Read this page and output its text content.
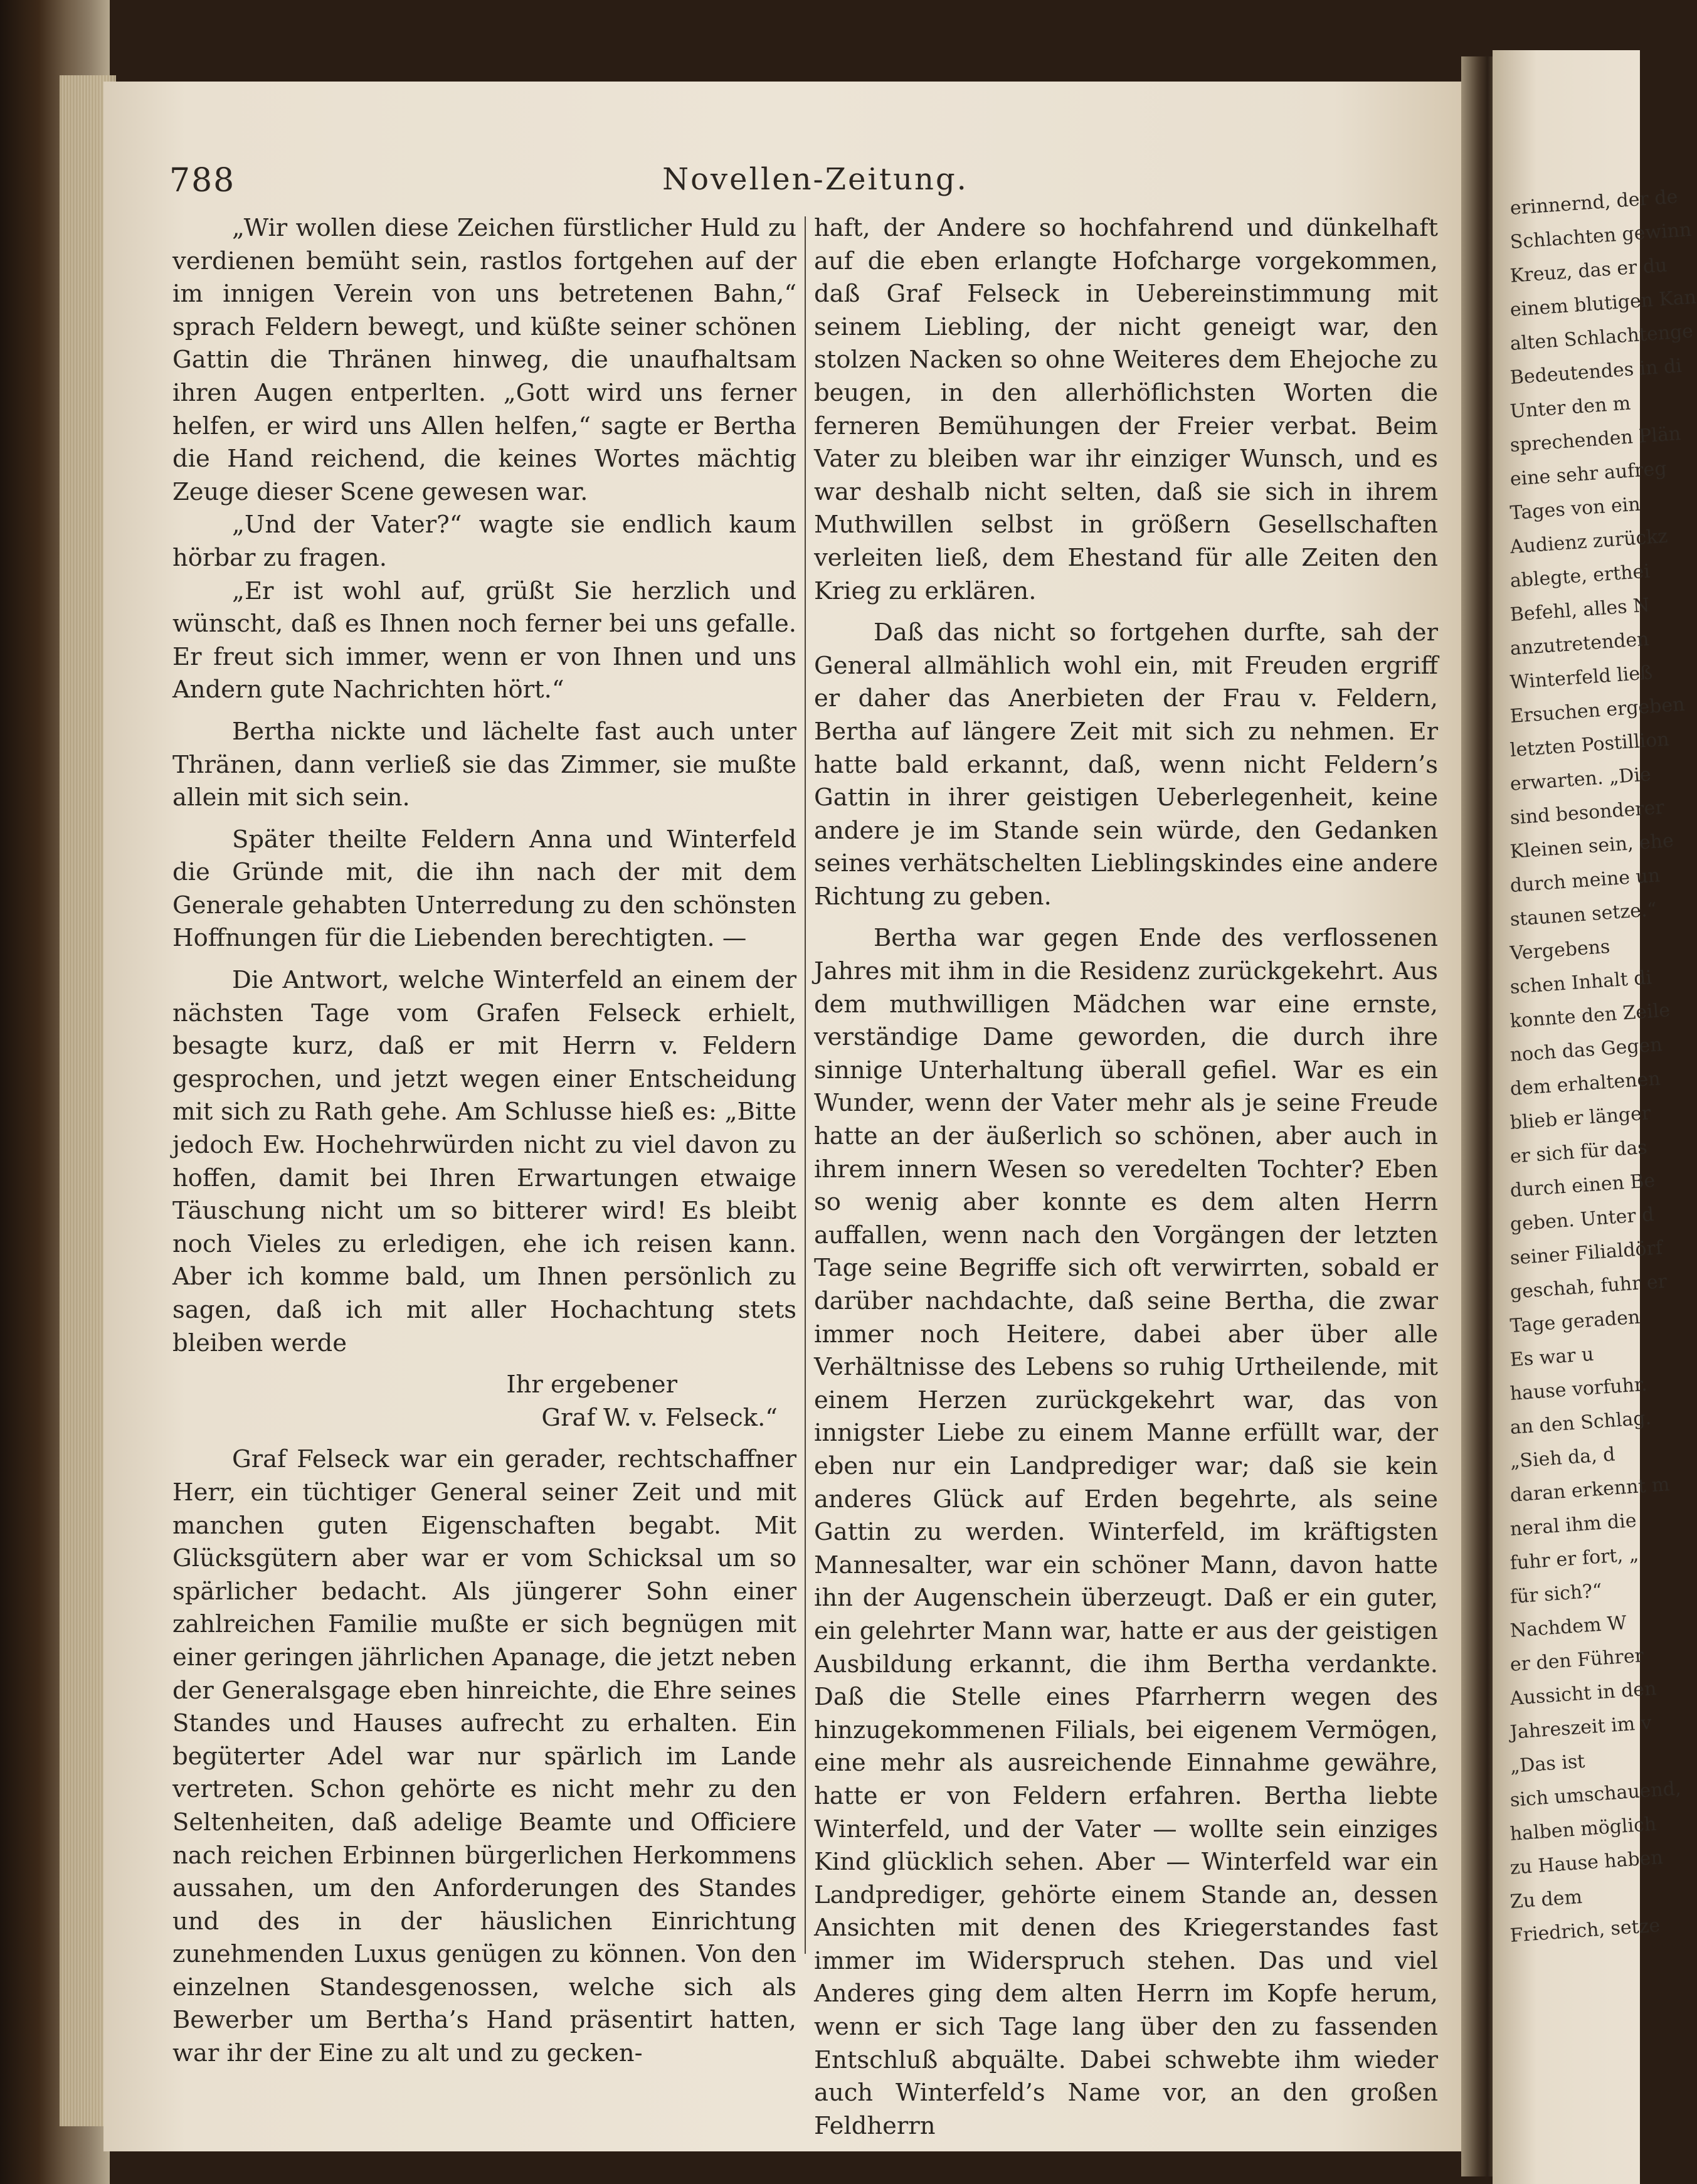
788	Novellen-Zeitung.

„Wir wollen diese Zeichen fürstlicher Huld zu verdienen bemüht sein, rastlos fortgehen auf der im innigen Verein von uns betretenen Bahn,“ sprach Feldern bewegt, und küßte seiner schönen Gattin die Thränen hinweg, die unaufhaltsam ihren Augen entperlten. „Gott wird uns ferner helfen, er wird uns Allen helfen,“ sagte er Bertha die Hand reichend, die keines Wortes mächtig Zeuge dieser Scene gewesen war.

„Und der Vater?“ wagte sie endlich kaum hörbar zu fragen.

„Er ist wohl auf, grüßt Sie herzlich und wünscht, daß es Ihnen noch ferner bei uns gefalle. Er freut sich immer, wenn er von Ihnen und uns Andern gute Nachrichten hört.“

Bertha nickte und lächelte fast auch unter Thränen, dann verließ sie das Zimmer, sie mußte allein mit sich sein.

Später theilte Feldern Anna und Winterfeld die Gründe mit, die ihn nach der mit dem Generale gehabten Unterredung zu den schönsten Hoffnungen für die Liebenden berechtigten. —

Die Antwort, welche Winterfeld an einem der nächsten Tage vom Grafen Felseck erhielt, besagte kurz, daß er mit Herrn v. Feldern gesprochen, und jetzt wegen einer Entscheidung mit sich zu Rath gehe. Am Schlusse hieß es: „Bitte jedoch Ew. Hochehrwürden nicht zu viel davon zu hoffen, damit bei Ihren Erwartungen etwaige Täuschung nicht um so bitterer wird! Es bleibt noch Vieles zu erledigen, ehe ich reisen kann. Aber ich komme bald, um Ihnen persönlich zu sagen, daß ich mit aller Hochachtung stets bleiben werde

Ihr ergebener

Graf W. v. Felseck.“

Graf Felseck war ein gerader, rechtschaffner Herr, ein tüchtiger General seiner Zeit und mit manchen guten Eigenschaften begabt. Mit Glücksgütern aber war er vom Schicksal um so spärlicher bedacht. Als jüngerer Sohn einer zahlreichen Familie mußte er sich begnügen mit einer geringen jährlichen Apanage, die jetzt neben der Generalsgage eben hinreichte, die Ehre seines Standes und Hauses aufrecht zu erhalten. Ein begüterter Adel war nur spärlich im Lande vertreten. Schon gehörte es nicht mehr zu den Seltenheiten, daß adelige Beamte und Officiere nach reichen Erbinnen bürgerlichen Herkommens aussahen, um den Anforderungen des Standes und des in der häuslichen Einrichtung zunehmenden Luxus genügen zu können. Von den einzelnen Standesgenossen, welche sich als Bewerber um Bertha’s Hand präsentirt hatten, war ihr der Eine zu alt und zu gecken-

haft, der Andere so hochfahrend und dünkelhaft auf die eben erlangte Hofcharge vorgekommen, daß Graf Felseck in Uebereinstimmung mit seinem Liebling, der nicht geneigt war, den stolzen Nacken so ohne Weiteres dem Ehejoche zu beugen, in den allerhöflichsten Worten die ferneren Bemühungen der Freier verbat. Beim Vater zu bleiben war ihr einziger Wunsch, und es war deshalb nicht selten, daß sie sich in ihrem Muthwillen selbst in größern Gesellschaften verleiten ließ, dem Ehestand für alle Zeiten den Krieg zu erklären.

Daß das nicht so fortgehen durfte, sah der General allmählich wohl ein, mit Freuden ergriff er daher das Anerbieten der Frau v. Feldern, Bertha auf längere Zeit mit sich zu nehmen. Er hatte bald erkannt, daß, wenn nicht Feldern’s Gattin in ihrer geistigen Ueberlegenheit, keine andere je im Stande sein würde, den Gedanken seines verhätschelten Lieblingskindes eine andere Richtung zu geben.

Bertha war gegen Ende des verflossenen Jahres mit ihm in die Residenz zurückgekehrt. Aus dem muthwilligen Mädchen war eine ernste, verständige Dame geworden, die durch ihre sinnige Unterhaltung überall gefiel. War es ein Wunder, wenn der Vater mehr als je seine Freude hatte an der äußerlich so schönen, aber auch in ihrem innern Wesen so veredelten Tochter? Eben so wenig aber konnte es dem alten Herrn auffallen, wenn nach den Vorgängen der letzten Tage seine Begriffe sich oft verwirrten, sobald er darüber nachdachte, daß seine Bertha, die zwar immer noch Heitere, dabei aber über alle Verhältnisse des Lebens so ruhig Urtheilende, mit einem Herzen zurückgekehrt war, das von innigster Liebe zu einem Manne erfüllt war, der eben nur ein Landprediger war; daß sie kein anderes Glück auf Erden begehrte, als seine Gattin zu werden. Winterfeld, im kräftigsten Mannesalter, war ein schöner Mann, davon hatte ihn der Augenschein überzeugt. Daß er ein guter, ein gelehrter Mann war, hatte er aus der geistigen Ausbildung erkannt, die ihm Bertha verdankte. Daß die Stelle eines Pfarrherrn wegen des hinzugekommenen Filials, bei eigenem Vermögen, eine mehr als ausreichende Einnahme gewähre, hatte er von Feldern erfahren. Bertha liebte Winterfeld, und der Vater — wollte sein einziges Kind glücklich sehen. Aber — Winterfeld war ein Landprediger, gehörte einem Stande an, dessen Ansichten mit denen des Kriegerstandes fast immer im Widerspruch stehen. Das und viel Anderes ging dem alten Herrn im Kopfe herum, wenn er sich Tage lang über den zu fassenden Entschluß abquälte. Dabei schwebte ihm wieder auch Winterfeld’s Name vor, an den großen Feldherrn

erinnernd, der de
Schlachten gewinn
Kreuz, das er du
einem blutigen Kan
alten Schlachtenge
Bedeutendes in di
Unter den m
sprechenden Plän
eine sehr aufreg
Tages von ein
Audienz zurückz
ablegte, erthei
Befehl, alles N
anzutretenden
Winterfeld ließ
Ersuchen ergeben
letzten Postillion
erwarten. „Die
sind besonderer
Kleinen sein, ehe
durch meine un
staunen setze.“
Vergebens
schen Inhalt di
konnte den Zeile
noch das Gegen
dem erhaltenen
blieb er länger
er sich für das
durch einen Be
geben. Unter d
seiner Filialdörf
geschah, fuhr er
Tage geraden
Es war u
hause vorfuhr.
an den Schlag.
„Sieh da, d
daran erkennt m
neral ihm die
fuhr er fort, „
für sich?“
Nachdem W
er den Führer
Aussicht in den
Jahreszeit im v
„Das ist
sich umschauend,
halben möglich
zu Hause haben
Zu dem
Friedrich, setze
